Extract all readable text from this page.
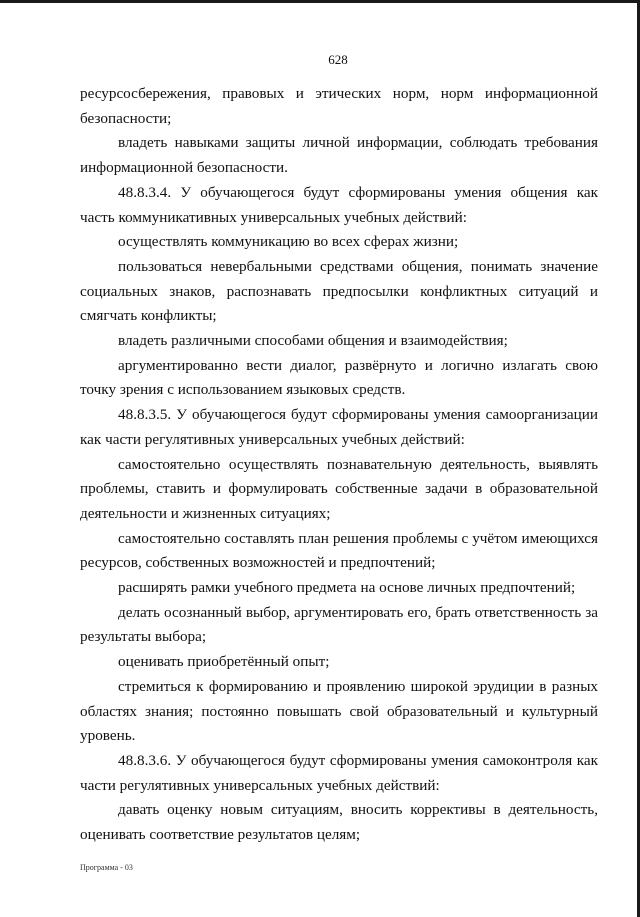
628

ресурсосбережения, правовых и этических норм, норм информационной безопасности;

владеть навыками защиты личной информации, соблюдать требования информационной безопасности.

48.8.3.4. У обучающегося будут сформированы умения общения как часть коммуникативных универсальных учебных действий:

осуществлять коммуникацию во всех сферах жизни;

пользоваться невербальными средствами общения, понимать значение социальных знаков, распознавать предпосылки конфликтных ситуаций и смягчать конфликты;

владеть различными способами общения и взаимодействия;

аргументированно вести диалог, развёрнуто и логично излагать свою точку зрения с использованием языковых средств.

48.8.3.5. У обучающегося будут сформированы умения самоорганизации как части регулятивных универсальных учебных действий:

самостоятельно осуществлять познавательную деятельность, выявлять проблемы, ставить и формулировать собственные задачи в образовательной деятельности и жизненных ситуациях;

самостоятельно составлять план решения проблемы с учётом имеющихся ресурсов, собственных возможностей и предпочтений;

расширять рамки учебного предмета на основе личных предпочтений;

делать осознанный выбор, аргументировать его, брать ответственность за результаты выбора;

оценивать приобретённый опыт;

стремиться к формированию и проявлению широкой эрудиции в разных областях знания; постоянно повышать свой образовательный и культурный уровень.

48.8.3.6. У обучающегося будут сформированы умения самоконтроля как части регулятивных универсальных учебных действий:

давать оценку новым ситуациям, вносить коррективы в деятельность, оценивать соответствие результатов целям;

Программа - 03
